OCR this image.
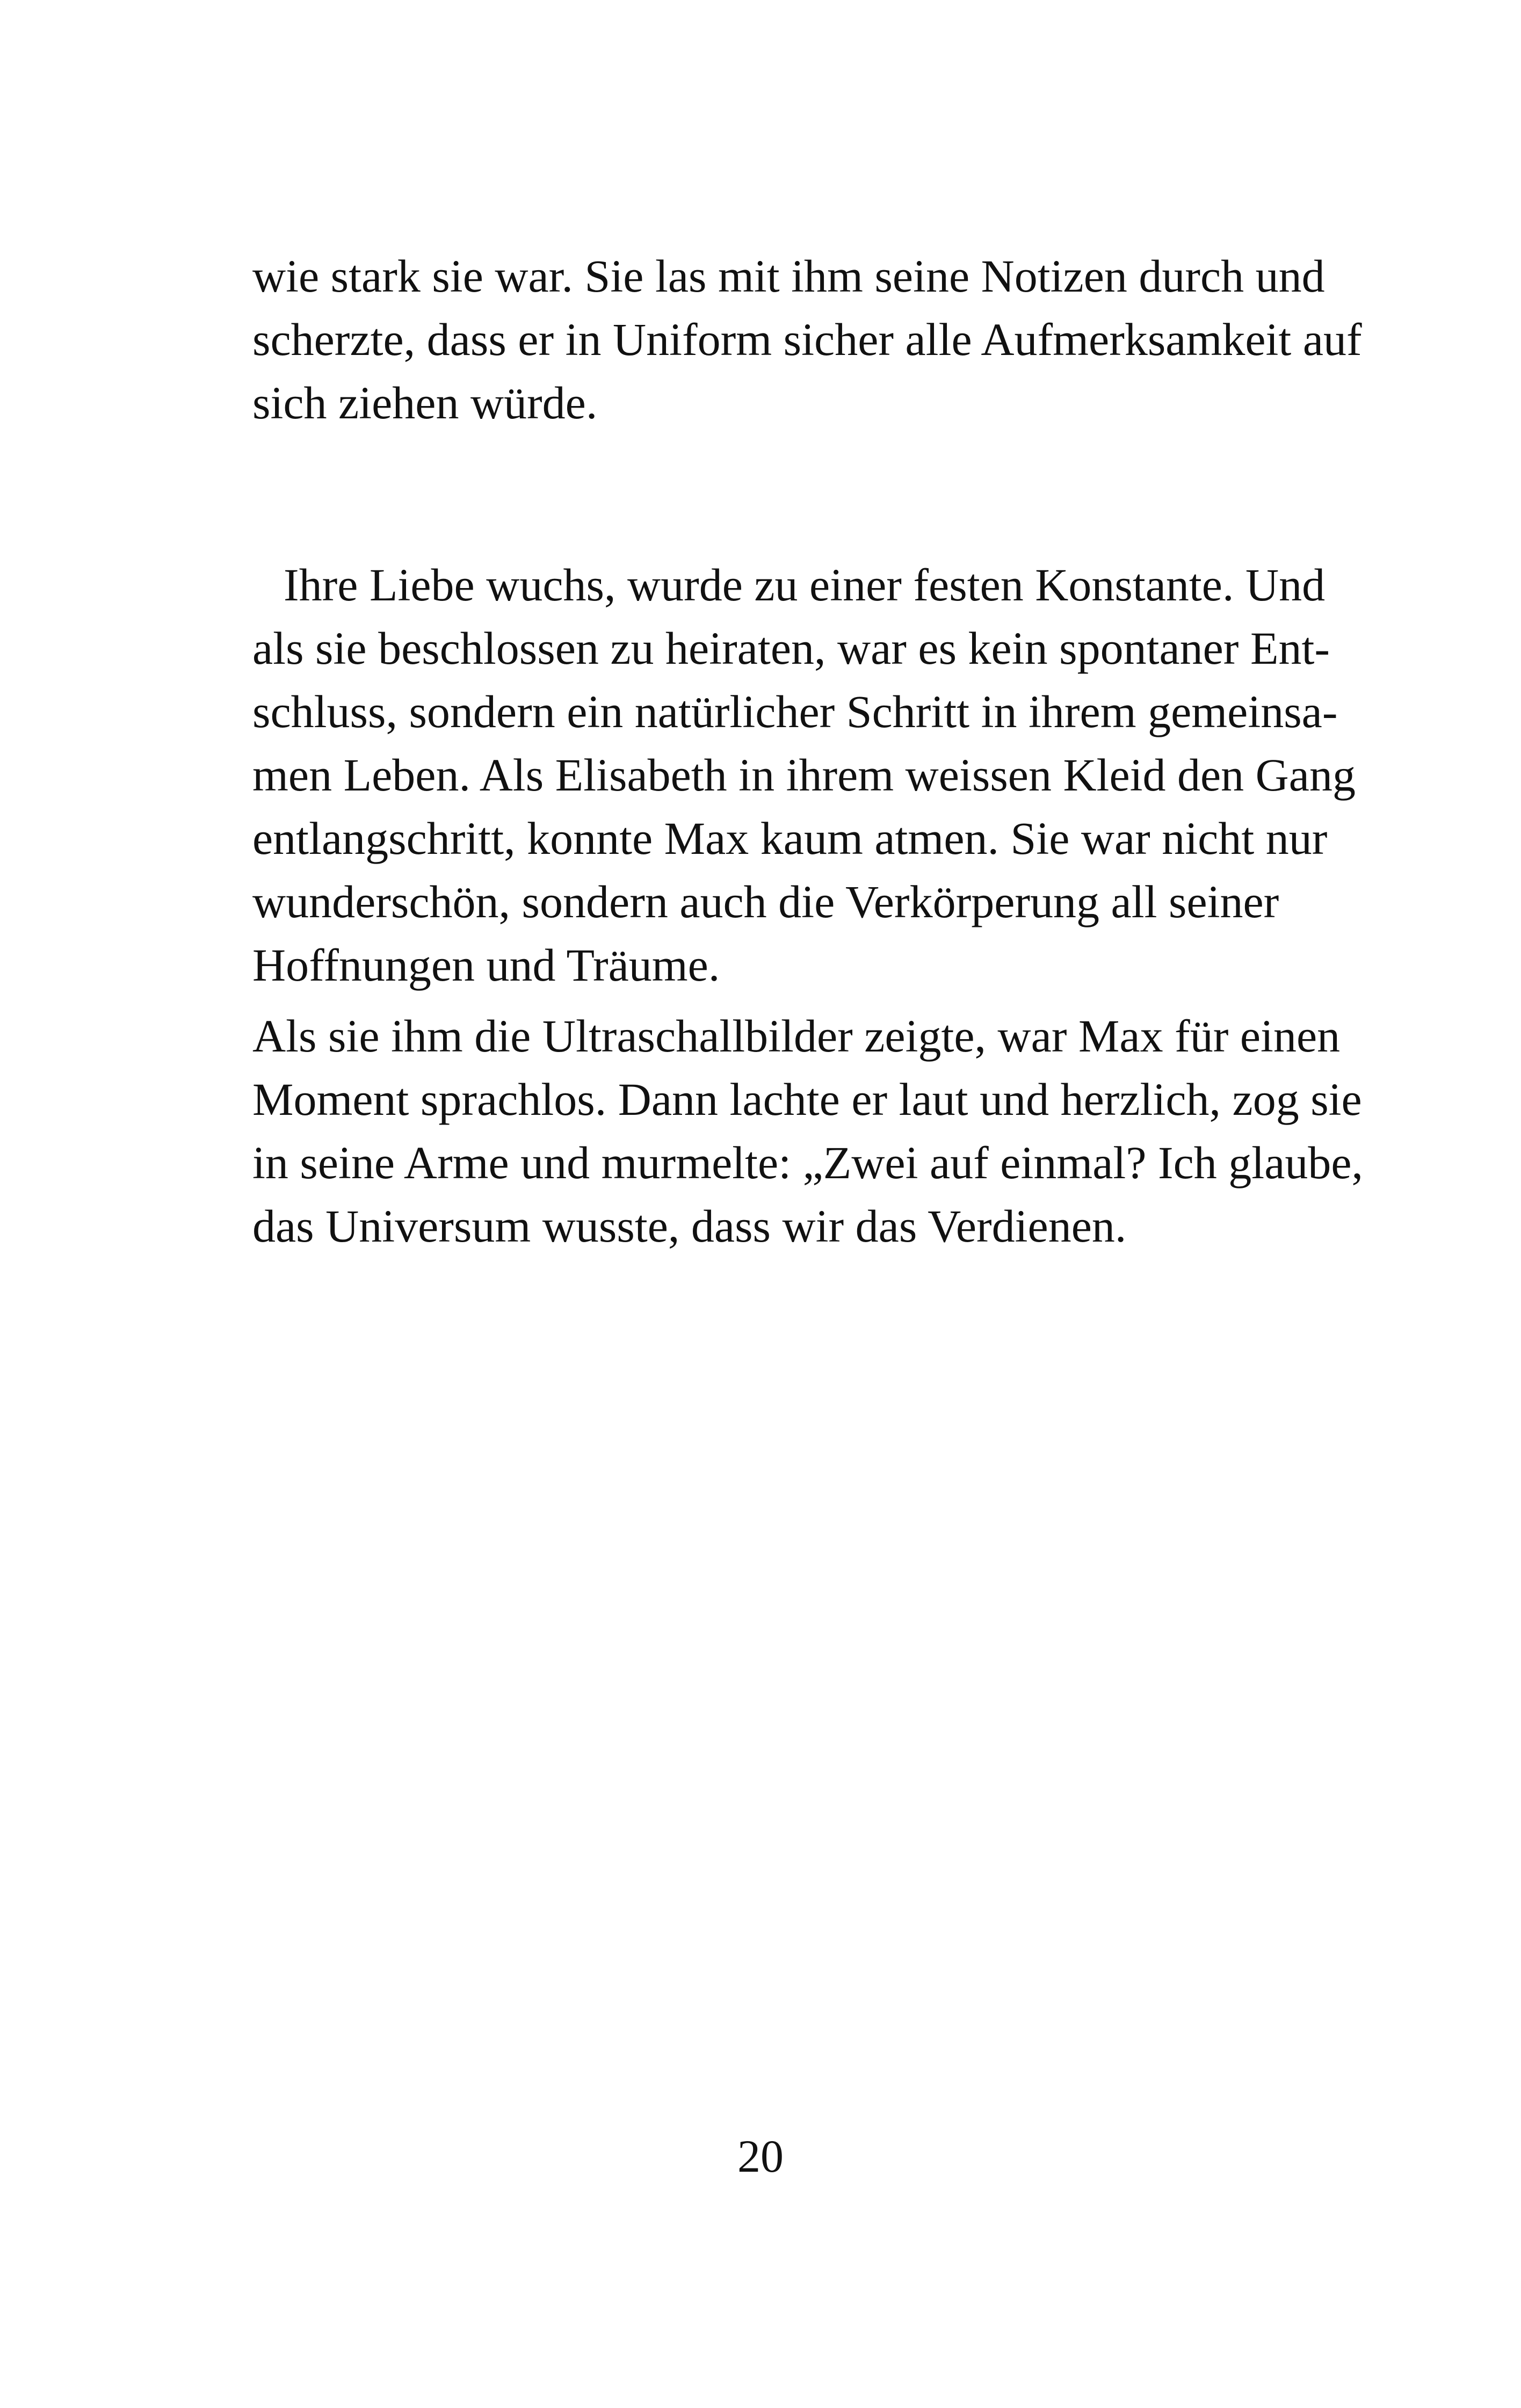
wie stark sie war. Sie las mit ihm seine Notizen durch und
scherzte, dass er in Uniform sicher alle Aufmerksamkeit auf
sich ziehen würde.
Ihre Liebe wuchs, wurde zu einer festen Konstante. Und
als sie beschlossen zu heiraten, war es kein spontaner Ent-
schluss, sondern ein natürlicher Schritt in ihrem gemeinsa-
men Leben. Als Elisabeth in ihrem weissen Kleid den Gang
entlangschritt, konnte Max kaum atmen. Sie war nicht nur
wunderschön, sondern auch die Verkörperung all seiner
Hoffnungen und Träume.
Als sie ihm die Ultraschallbilder zeigte, war Max für einen
Moment sprachlos. Dann lachte er laut und herzlich, zog sie
in seine Arme und murmelte: „Zwei auf einmal? Ich glaube,
das Universum wusste, dass wir das Verdienen.
20
